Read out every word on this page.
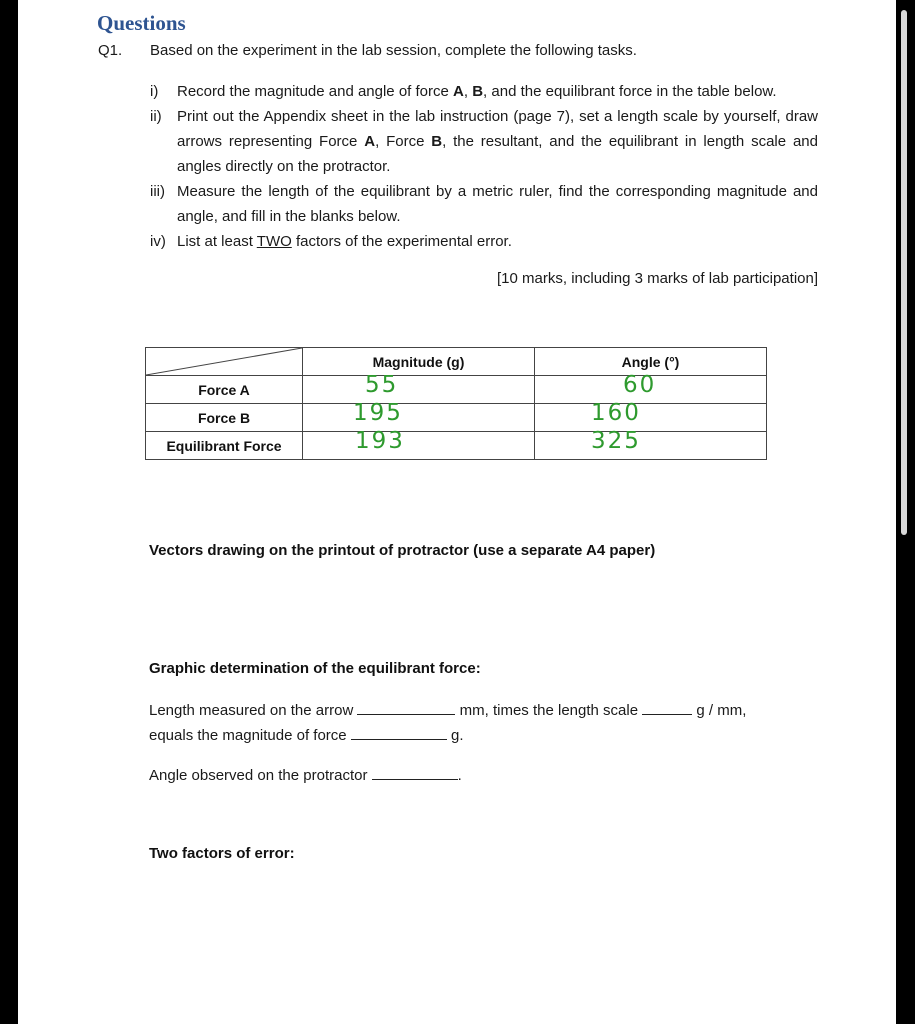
Questions
Q1. Based on the experiment in the lab session, complete the following tasks.
i) Record the magnitude and angle of force A, B, and the equilibrant force in the table below.
ii) Print out the Appendix sheet in the lab instruction (page 7), set a length scale by yourself, draw arrows representing Force A, Force B, the resultant, and the equilibrant in length scale and angles directly on the protractor.
iii) Measure the length of the equilibrant by a metric ruler, find the corresponding magnitude and angle, and fill in the blanks below.
iv) List at least TWO factors of the experimental error.
[10 marks, including 3 marks of lab participation]
	Magnitude (g)	Angle (°)
Force A	55	60

Force B	195	160

Equilibrant Force	193	325
Vectors drawing on the printout of protractor (use a separate A4 paper)
Graphic determination of the equilibrant force:
Length measured on the arrow	mm, times the length scale	g / mm,
equals the magnitude of force	g.
Angle observed on the protractor	.
Two factors of error:
